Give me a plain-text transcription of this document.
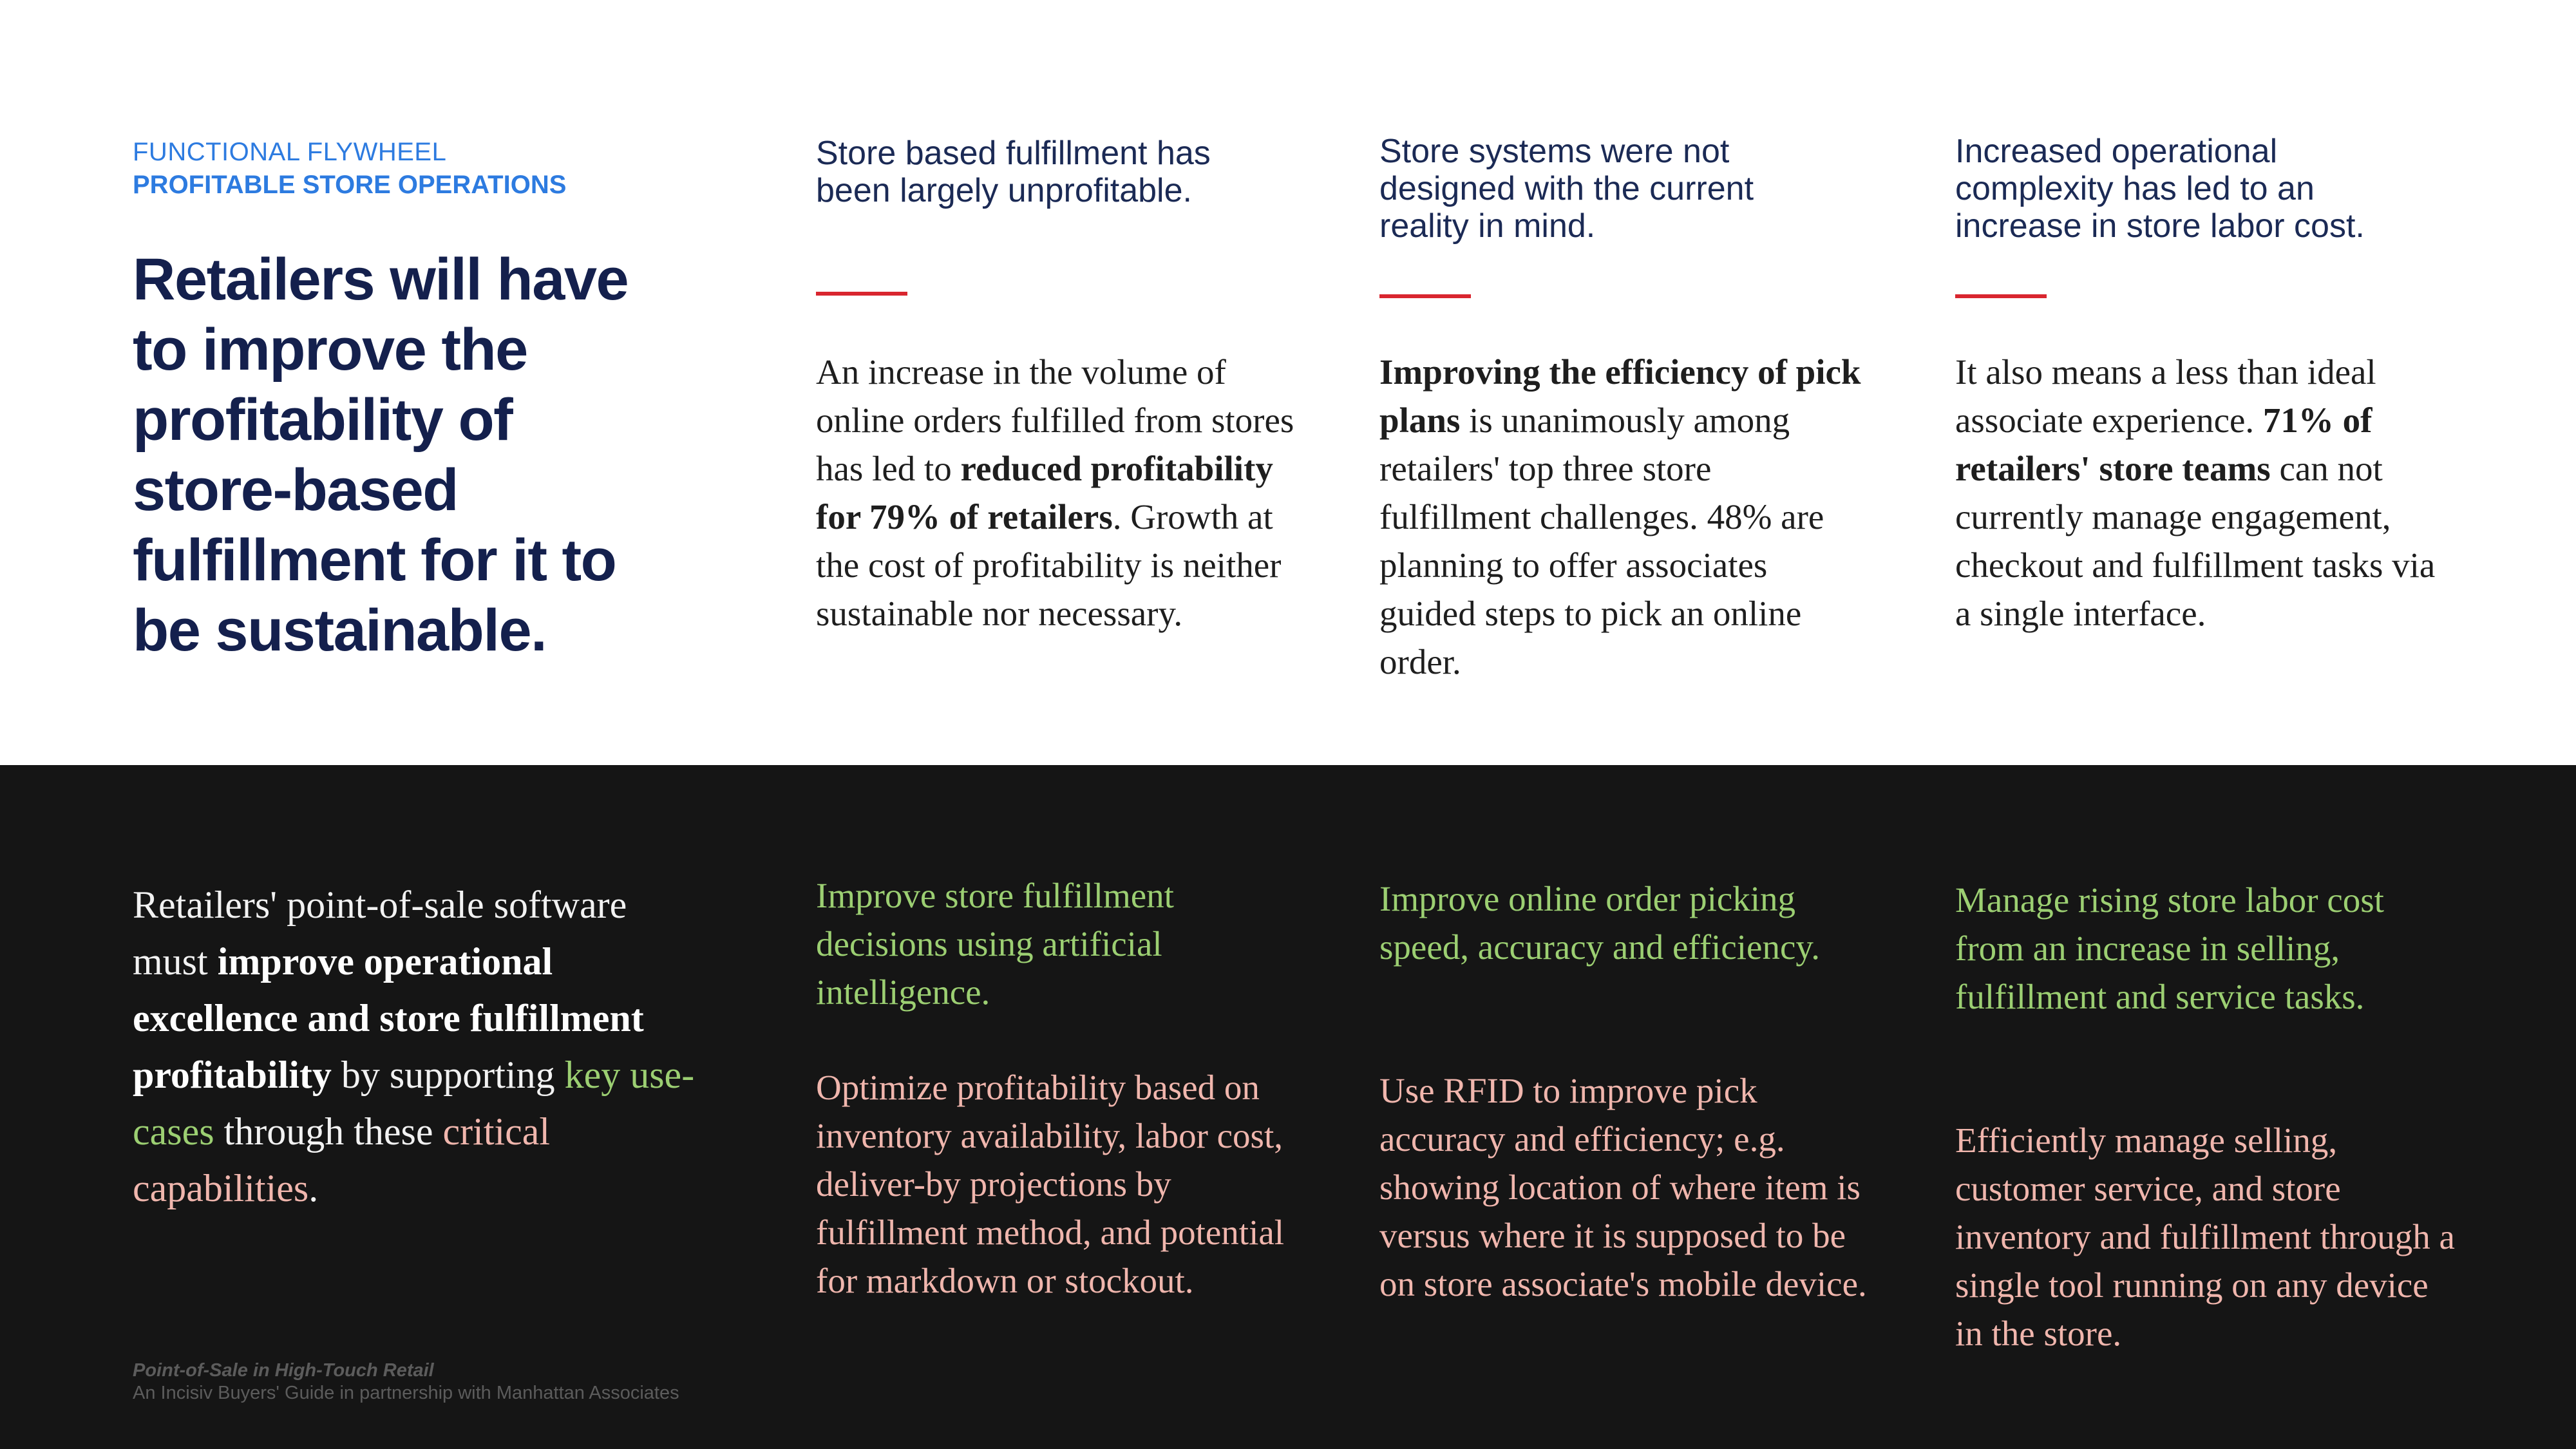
FUNCTIONAL FLYWHEEL
PROFITABLE STORE OPERATIONS
Retailers will have
to improve the
profitability of
store-based
fulfillment for it to
be sustainable.
Store based fulfillment has
been largely unprofitable.
An increase in the volume of online orders fulfilled from stores has led to reduced profitability for 79% of retailers. Growth at the cost of profitability is neither sustainable nor necessary.
Store systems were not
designed with the current
reality in mind.
Improving the efficiency of pick plans is unanimously among retailers' top three store fulfillment challenges. 48% are planning to offer associates guided steps to pick an online order.
Increased operational
complexity has led to an
increase in store labor cost.
It also means a less than ideal associate experience. 71% of retailers' store teams can not currently manage engagement, checkout and fulfillment tasks via a single interface.
Retailers' point-of-sale software must improve operational excellence and store fulfillment profitability by supporting key use-cases through these critical capabilities.
Improve store fulfillment decisions using artificial intelligence.
Optimize profitability based on inventory availability, labor cost, deliver-by projections by fulfillment method, and potential for markdown or stockout.
Improve online order picking speed, accuracy and efficiency.
Use RFID to improve pick accuracy and efficiency; e.g. showing location of where item is versus where it is supposed to be on store associate's mobile device.
Manage rising store labor cost from an increase in selling, fulfillment and service tasks.
Efficiently manage selling, customer service, and store inventory and fulfillment through a single tool running on any device in the store.
Point-of-Sale in High-Touch Retail
An Incisiv Buyers' Guide in partnership with Manhattan Associates
